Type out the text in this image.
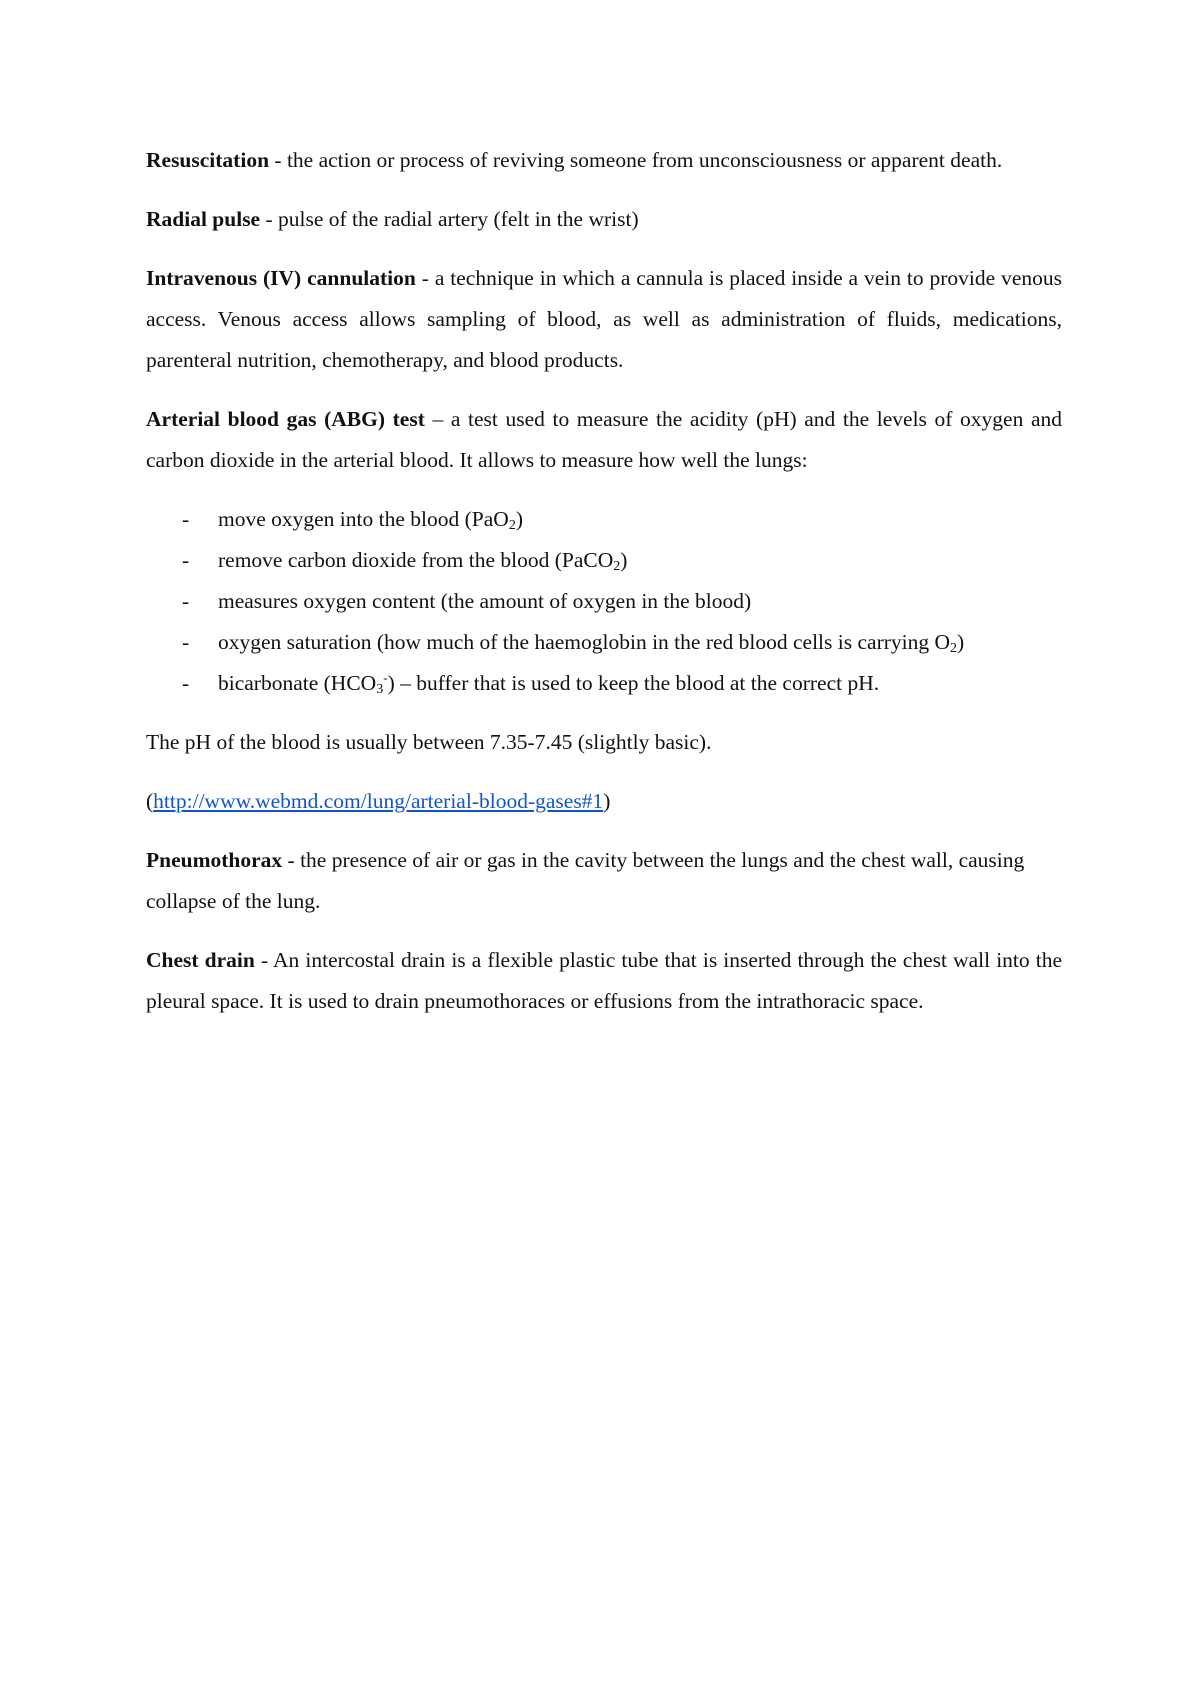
Resuscitation - the action or process of reviving someone from unconsciousness or apparent death.

Radial pulse - pulse of the radial artery (felt in the wrist)

Intravenous (IV) cannulation - a technique in which a cannula is placed inside a vein to provide venous access. Venous access allows sampling of blood, as well as administration of fluids, medications, parenteral nutrition, chemotherapy, and blood products.

Arterial blood gas (ABG) test – a test used to measure the acidity (pH) and the levels of oxygen and carbon dioxide in the arterial blood. It allows to measure how well the lungs:

- move oxygen into the blood (PaO$_2$)
- remove carbon dioxide from the blood (PaCO$_2$)
- measures oxygen content (the amount of oxygen in the blood)
- oxygen saturation (how much of the haemoglobin in the red blood cells is carrying $O_2$)
- bicarbonate $(HCO_3^-)$ – buffer that is used to keep the blood at the correct pH.

The pH of the blood is usually between 7.35-7.45 (slightly basic).

(http://www.webmd.com/lung/arterial-blood-gases#1)

Pneumothorax - the presence of air or gas in the cavity between the lungs and the chest wall, causing collapse of the lung.

Chest drain - An intercostal drain is a flexible plastic tube that is inserted through the chest wall into the pleural space. It is used to drain pneumothoraces or effusions from the intrathoracic space.
